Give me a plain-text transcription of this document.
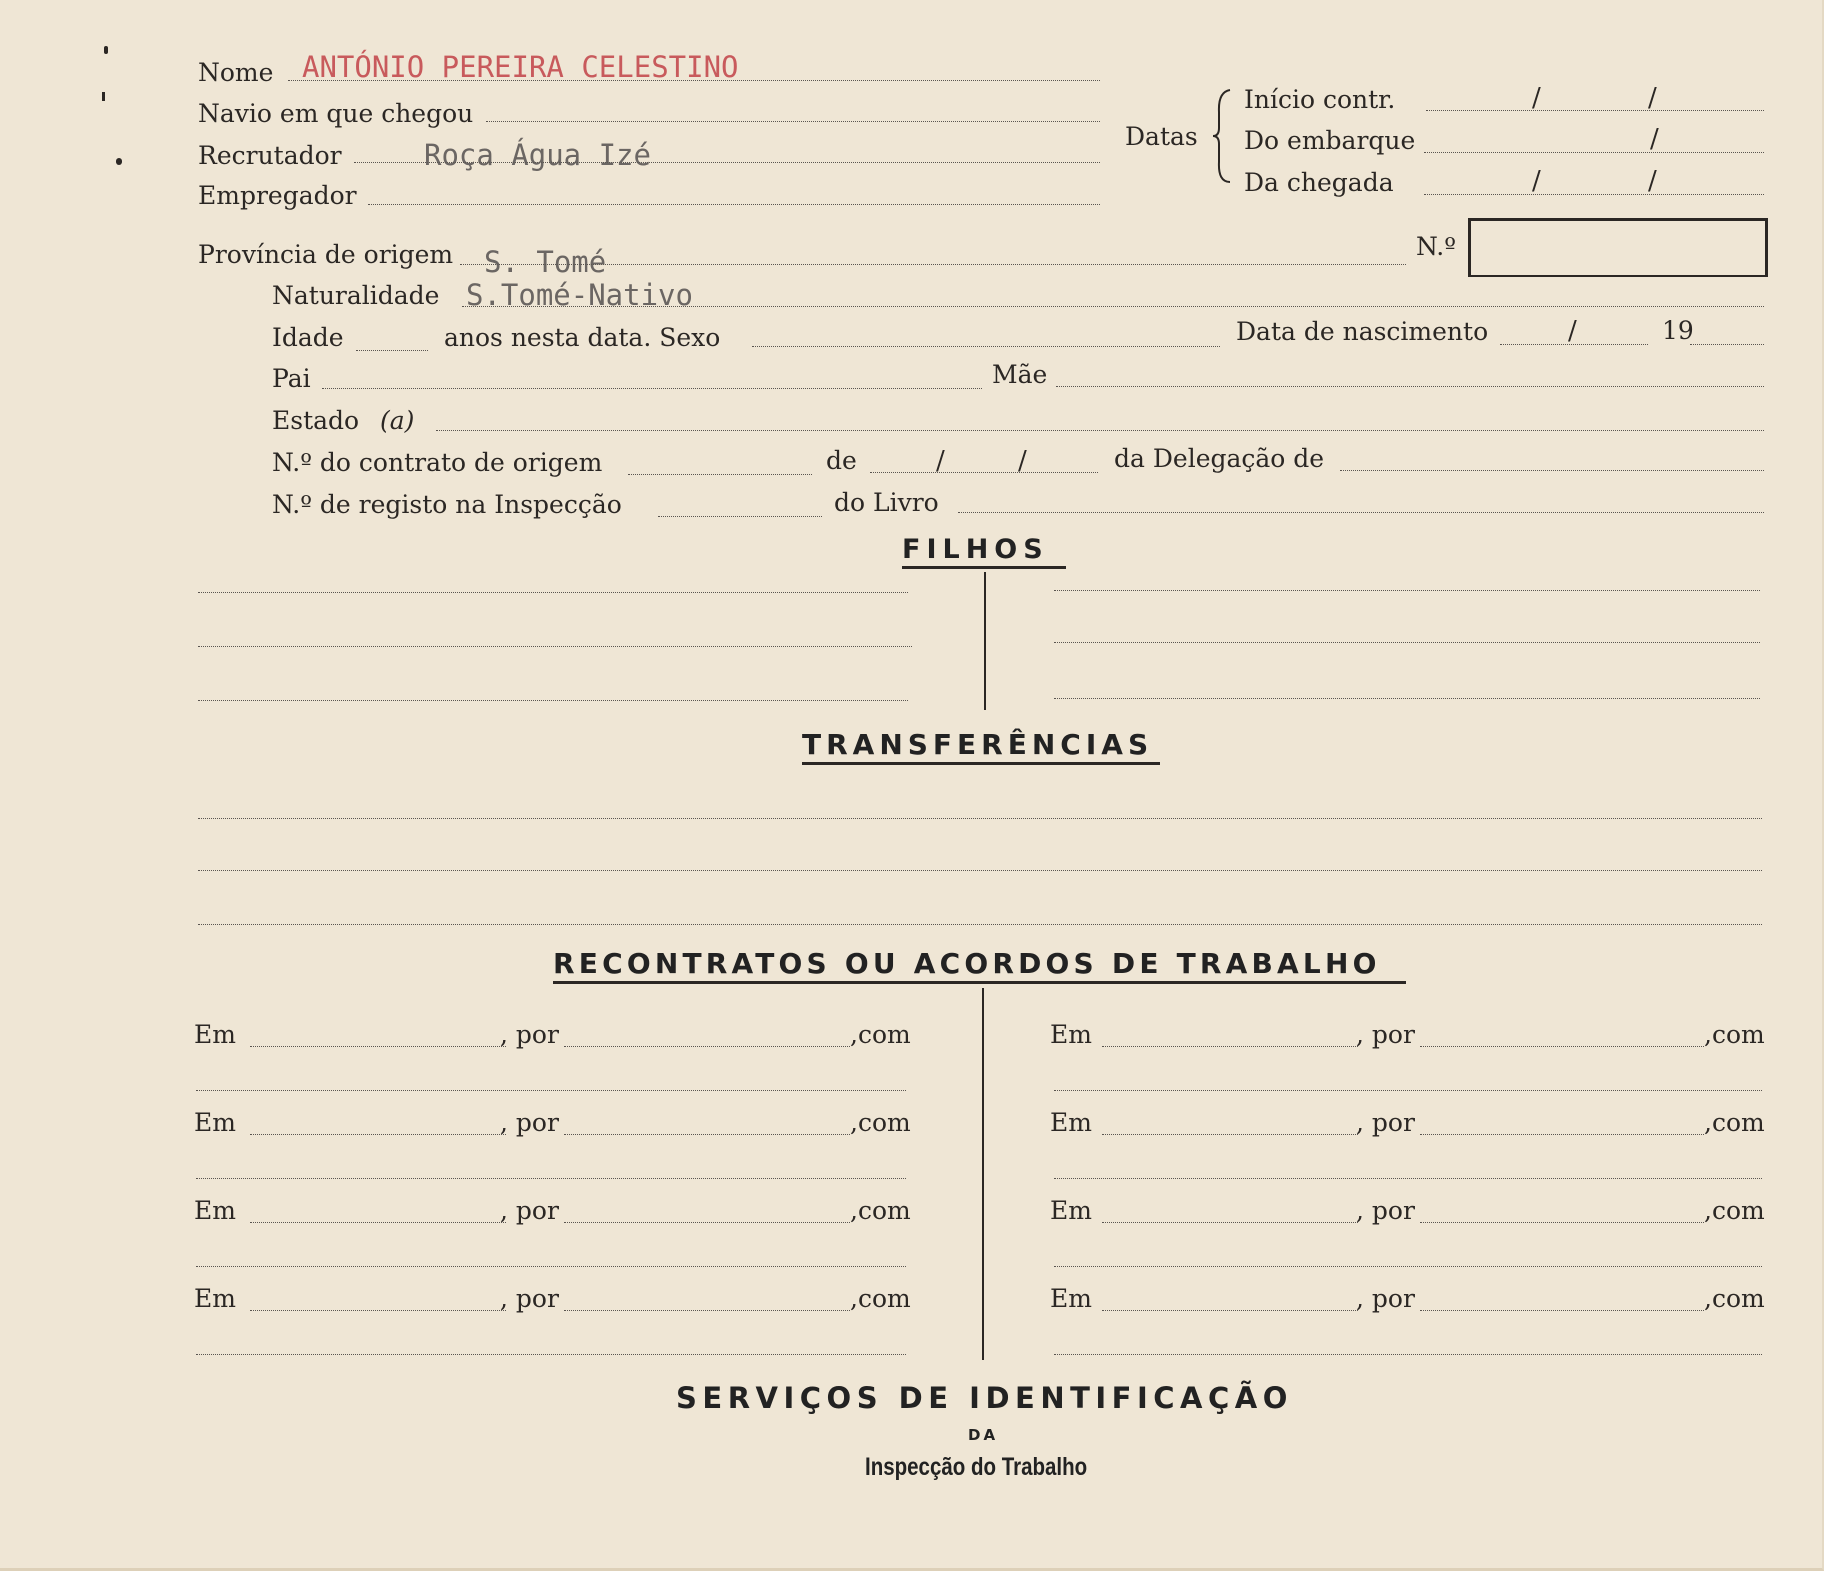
Nome ANTÓNIO PEREIRA CELESTINO
Navio em que chegou
Recrutador	Roça Água Izé
Empregador
Datas
Início contr.	/	/
Do embarque	/
Da chegada	/	/
N.º
Província de origem S. Tomé
Naturalidade S.Tomé-Nativo
Idade	anos nesta data. Sexo	Data de nascimento	/	19
Pai	Mãe
Estado (a)
N.º do contrato de origem	de	/	/	da Delegação de
N.º de registo na Inspecção	do Livro
FILHOS
TRANSFERÊNCIAS
RECONTRATOS OU ACORDOS DE TRABALHO
Em	, por	,com	Em	, por	,com
Em	, por	,com	Em	, por	,com
Em	, por	,com	Em	, por	,com
Em	, por	,com	Em	, por	,com
SERVIÇOS DE IDENTIFICAÇÃO
DA
Inspecção do Trabalho
